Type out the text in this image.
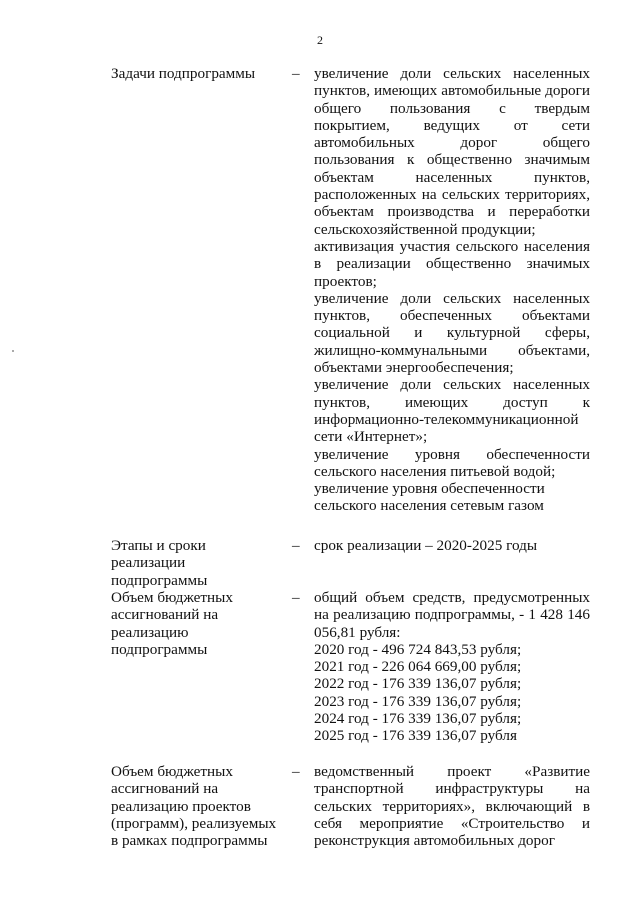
2
Задачи подпрограммы	– увеличение доли сельских населенных пунктов, имеющих автомобильные дороги общего пользования с твердым покрытием, ведущих от сети автомобильных дорог общего пользования к общественно значимым объектам населенных пунктов, расположенных на сельских территориях, объектам производства и переработки сельскохозяйственной продукции;

активизация участия сельского населения в реализации общественно значимых проектов;

увеличение доли сельских населенных пунктов, обеспеченных объектами социальной и культурной сферы, жилищно-коммунальными объектами, объектами энергообеспечения;

увеличение доли сельских населенных пунктов, имеющих доступ к информационно-телекоммуникационной сети «Интернет»;

увеличение уровня обеспеченности сельского населения питьевой водой;

увеличение уровня обеспеченности сельского населения сетевым газом

Этапы и сроки реализации подпрограммы
– срок реализации – 2020-2025 годы

Объем бюджетных ассигнований на реализацию подпрограммы
– общий объем средств, предусмотренных на реализацию подпрограммы, - 1 428 146 056,81 рубля:

2020 год - 496 724 843,53 рубля;

2021 год - 226 064 669,00 рубля;

2022 год - 176 339 136,07 рубля;

2023 год - 176 339 136,07 рубля;

2024 год - 176 339 136,07 рубля;

2025 год - 176 339 136,07 рубля

Объем бюджетных ассигнований на реализацию проектов (программ), реализуемых в рамках подпрограммы
– ведомственный проект «Развитие транспортной инфраструктуры на сельских территориях», включающий в себя мероприятие «Строительство и реконструкция автомобильных дорог
